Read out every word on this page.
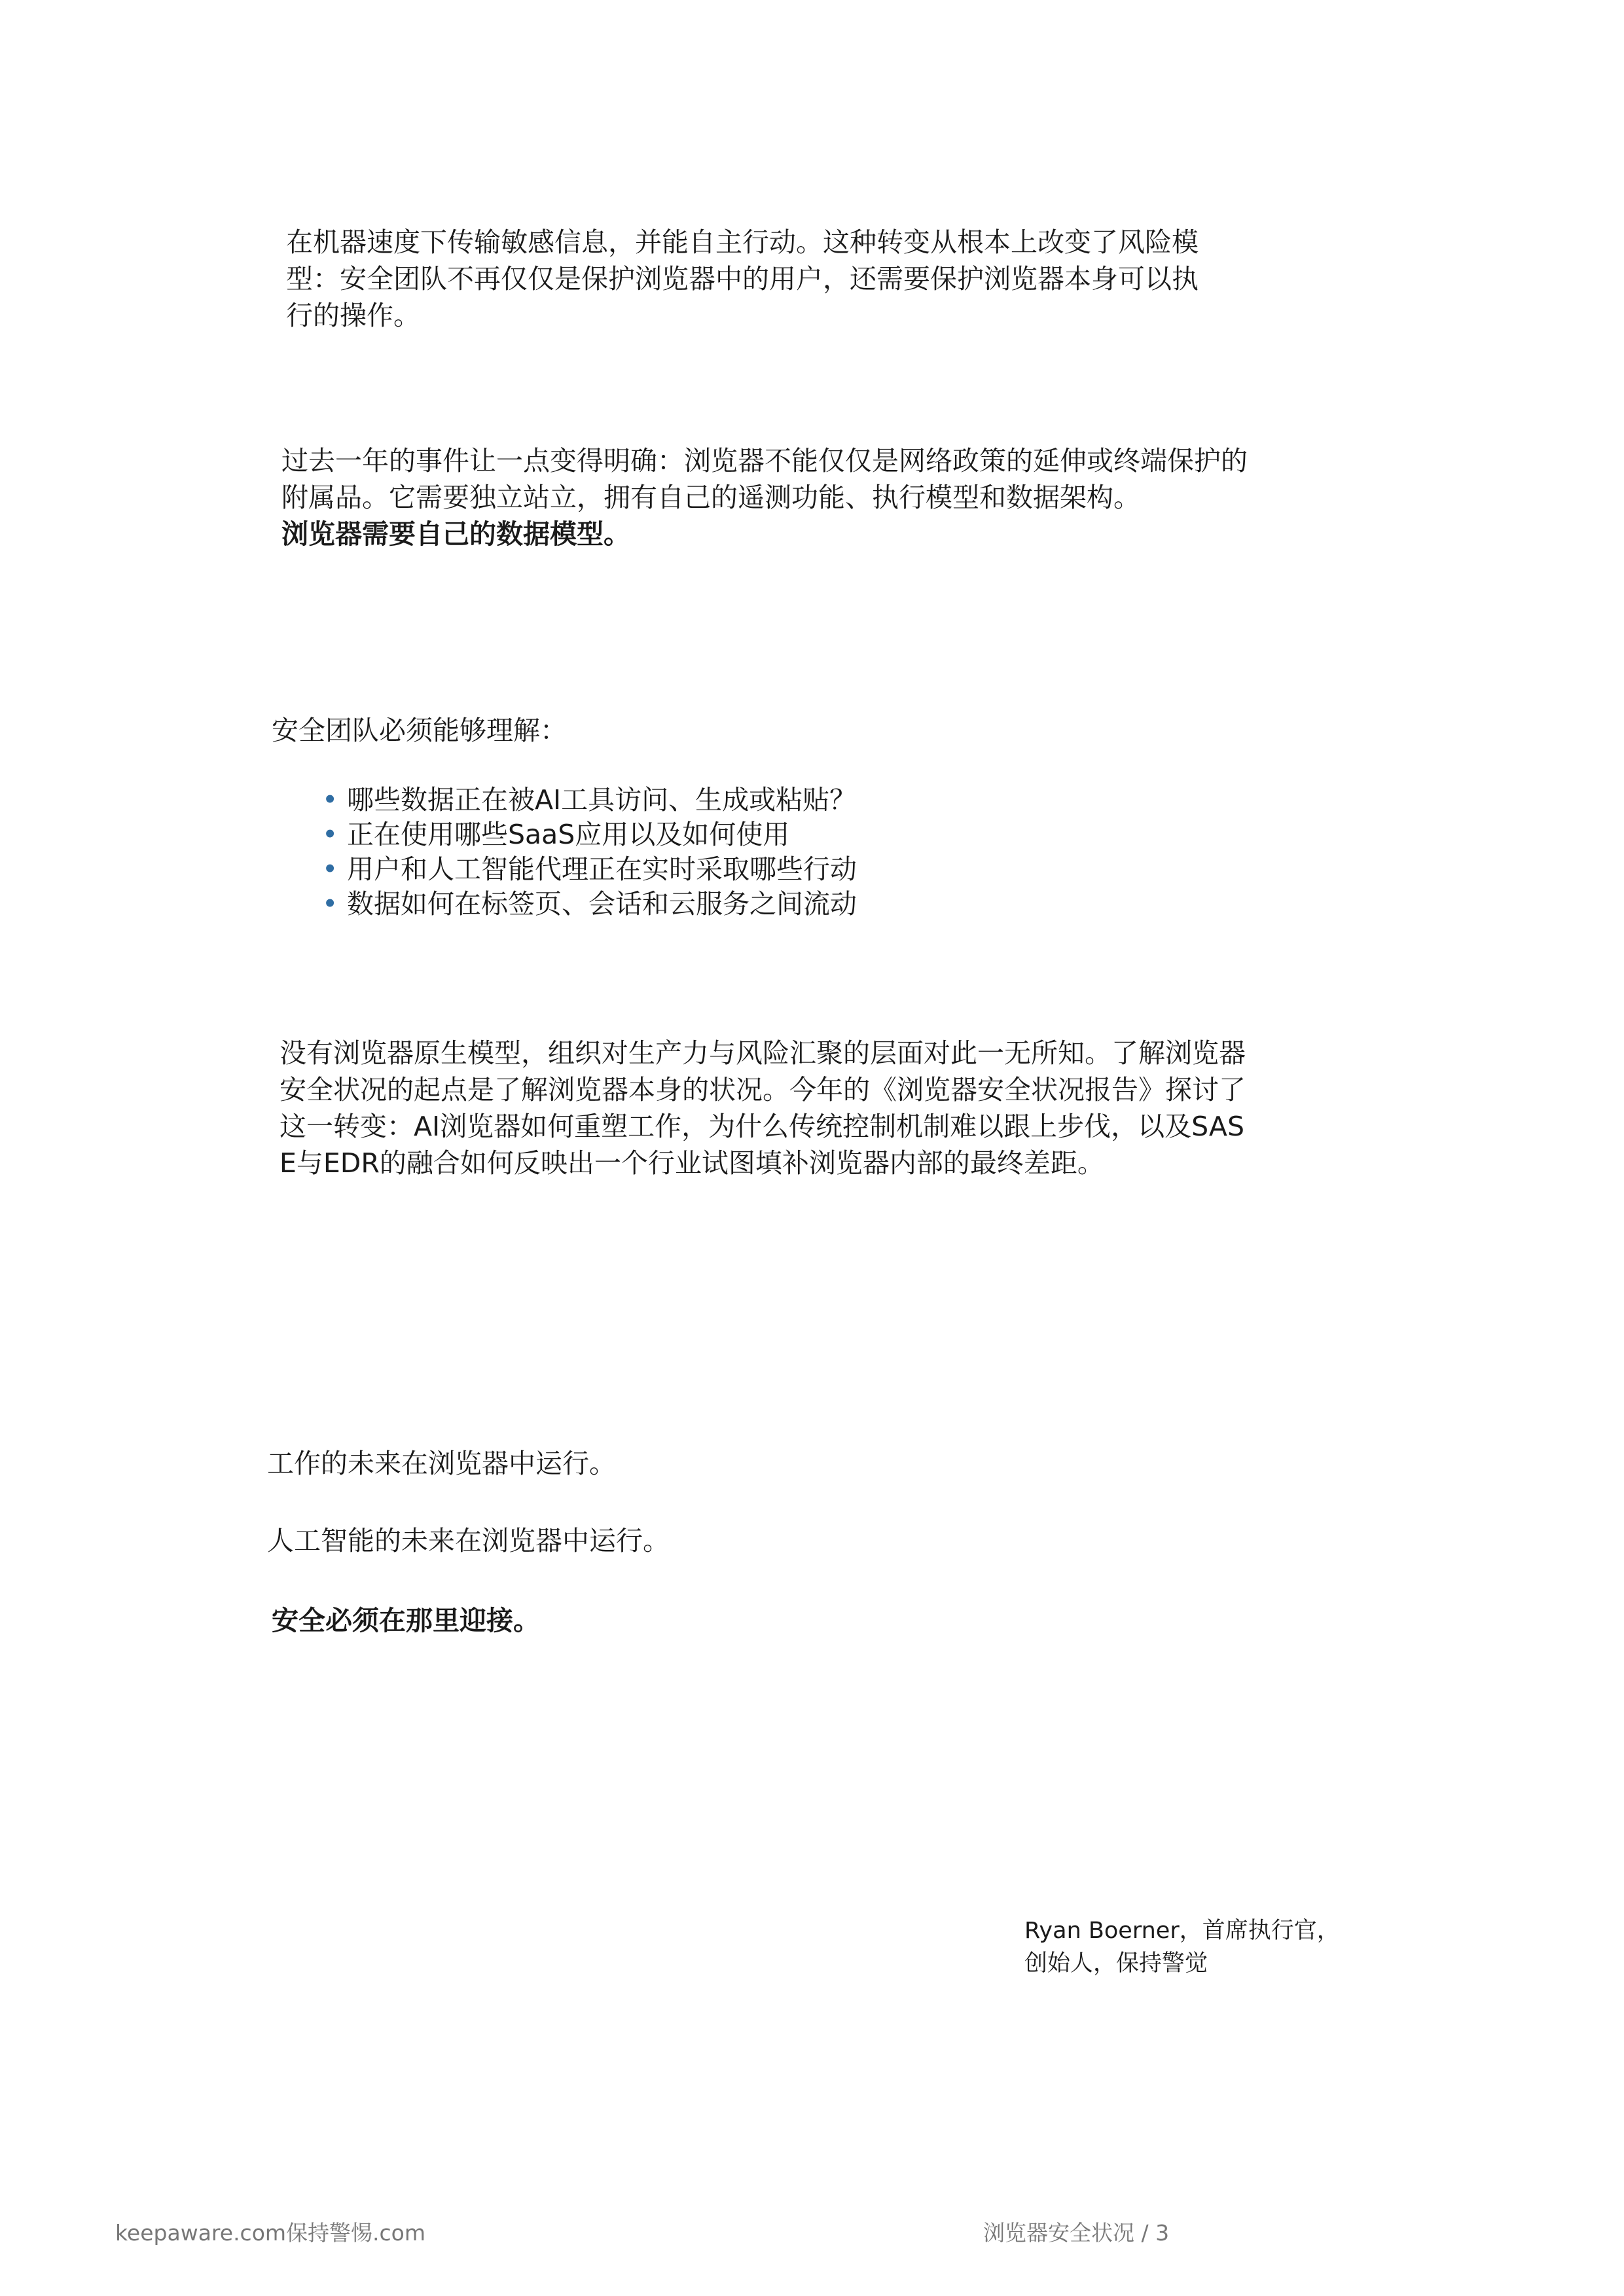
在机器速度下传输敏感信息，并能自主行动。这种转变从根本上改变了风险模
型：安全团队不再仅仅是保护浏览器中的用户，还需要保护浏览器本身可以执
行的操作。
过去一年的事件让一点变得明确：浏览器不能仅仅是网络政策的延伸或终端保护的
附属品。它需要独立站立，拥有自己的遥测功能、执行模型和数据架构。
浏览器需要自己的数据模型。
安全团队必须能够理解：
• 哪些数据正在被AI工具访问、生成或粘贴？
• 正在使用哪些SaaS应用以及如何使用
• 用户和人工智能代理正在实时采取哪些行动
• 数据如何在标签页、会话和云服务之间流动
没有浏览器原生模型，组织对生产力与风险汇聚的层面对此一无所知。了解浏览器
安全状况的起点是了解浏览器本身的状况。今年的《浏览器安全状况报告》探讨了
这一转变：AI浏览器如何重塑工作，为什么传统控制机制难以跟上步伐，以及SAS
E与EDR的融合如何反映出一个行业试图填补浏览器内部的最终差距。
工作的未来在浏览器中运行。
人工智能的未来在浏览器中运行。
安全必须在那里迎接。
Ryan Boerner，首席执行官，
创始人，保持警觉
keepaware.com保持警惕.com	浏览器安全状况 / 3
